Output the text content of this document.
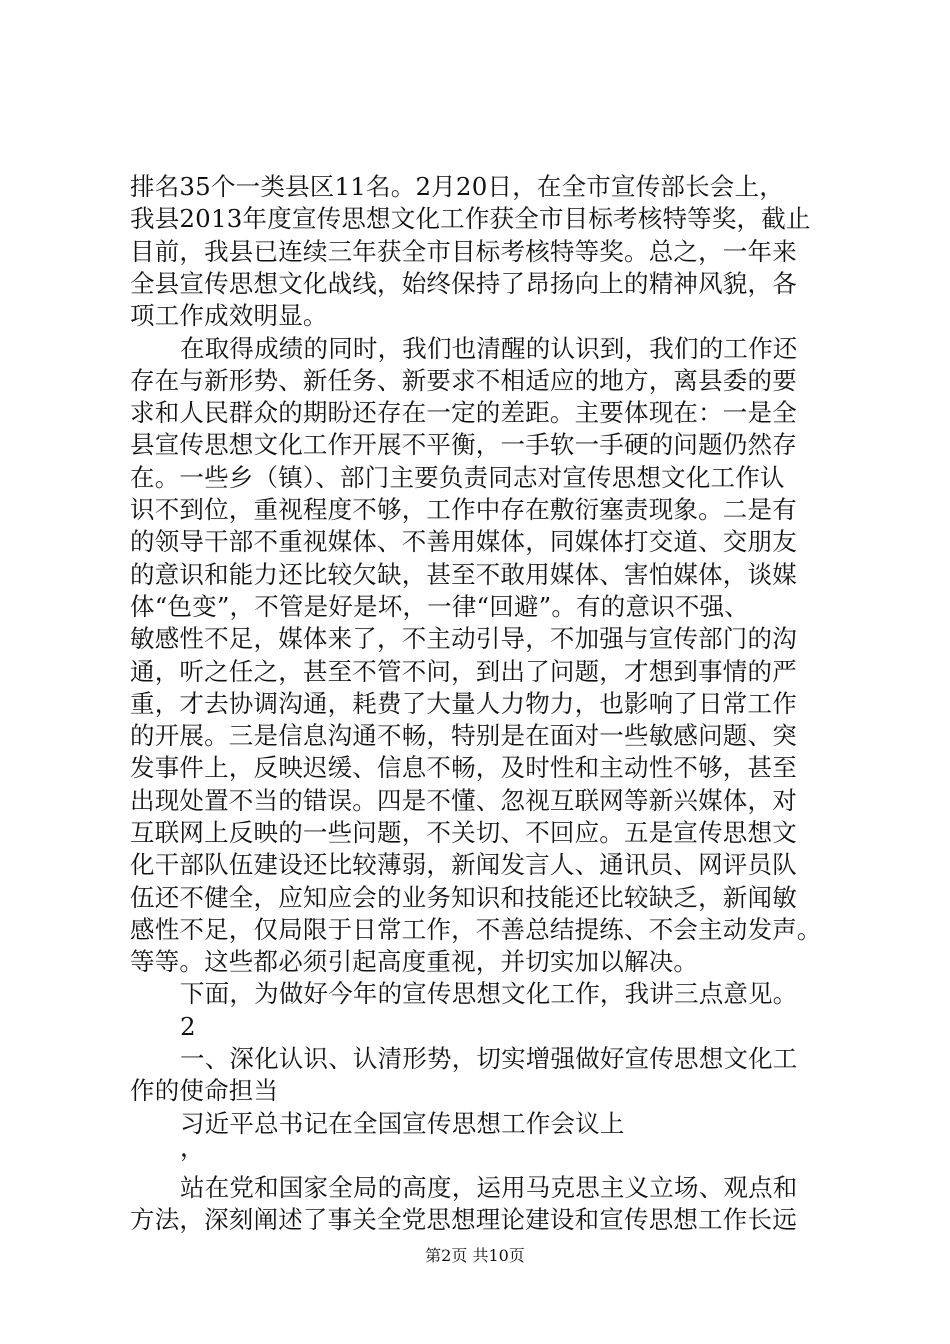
排名35个一类县区11名。2月20日，在全市宣传部长会上，
我县2013年度宣传思想文化工作获全市目标考核特等奖，截止
目前，我县已连续三年获全市目标考核特等奖。总之，一年来
全县宣传思想文化战线，始终保持了昂扬向上的精神风貌，各
项工作成效明显。
在取得成绩的同时，我们也清醒的认识到，我们的工作还
存在与新形势、新任务、新要求不相适应的地方，离县委的要
求和人民群众的期盼还存在一定的差距。主要体现在：一是全
县宣传思想文化工作开展不平衡，一手软一手硬的问题仍然存
在。一些乡（镇）、部门主要负责同志对宣传思想文化工作认
识不到位，重视程度不够，工作中存在敷衍塞责现象。二是有
的领导干部不重视媒体、不善用媒体，同媒体打交道、交朋友
的意识和能力还比较欠缺，甚至不敢用媒体、害怕媒体，谈媒
体“色变”，不管是好是坏，一律“回避”。有的意识不强、
敏感性不足，媒体来了，不主动引导，不加强与宣传部门的沟
通，听之任之，甚至不管不问，到出了问题，才想到事情的严
重，才去协调沟通，耗费了大量人力物力，也影响了日常工作
的开展。三是信息沟通不畅，特别是在面对一些敏感问题、突
发事件上，反映迟缓、信息不畅，及时性和主动性不够，甚至
出现处置不当的错误。四是不懂、忽视互联网等新兴媒体，对
互联网上反映的一些问题，不关切、不回应。五是宣传思想文
化干部队伍建设还比较薄弱，新闻发言人、通讯员、网评员队
伍还不健全，应知应会的业务知识和技能还比较缺乏，新闻敏
感性不足，仅局限于日常工作，不善总结提练、不会主动发声。
等等。这些都必须引起高度重视，并切实加以解决。
下面，为做好今年的宣传思想文化工作，我讲三点意见。
2
一、深化认识、认清形势，切实增强做好宣传思想文化工
作的使命担当
习近平总书记在全国宣传思想工作会议上
，
站在党和国家全局的高度，运用马克思主义立场、观点和
方法，深刻阐述了事关全党思想理论建设和宣传思想工作长远
第2页 共10页
